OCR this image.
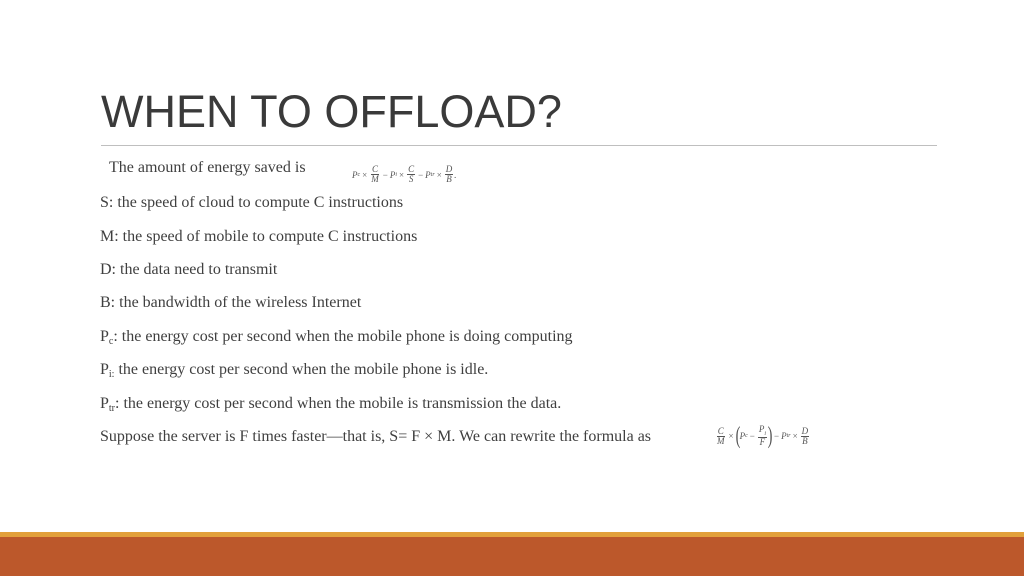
WHEN TO OFFLOAD?
The amount of energy saved is	P $c \times \frac{C}{M} - P$ $i \times \frac{C}{S} - P$ tr × $\frac{D}{B}$ .
S: the speed of cloud to compute C instructions
M: the speed of mobile to compute C instructions
D: the data need to transmit
B: the bandwidth of the wireless Internet
$P_c$: the energy cost per second when the mobile phone is doing computing
$P_{i:}$ the energy cost per second when the mobile phone is idle.
$P_{tr}$: the energy cost per second when the mobile is transmission the data.
Suppose the server is F times faster—that is, S= F × M. We can rewrite the formula as	$\frac{C}{M}$ × ( P $c - \frac{P_i}{F}$ ) − P tr × $\frac{D}{B}$
